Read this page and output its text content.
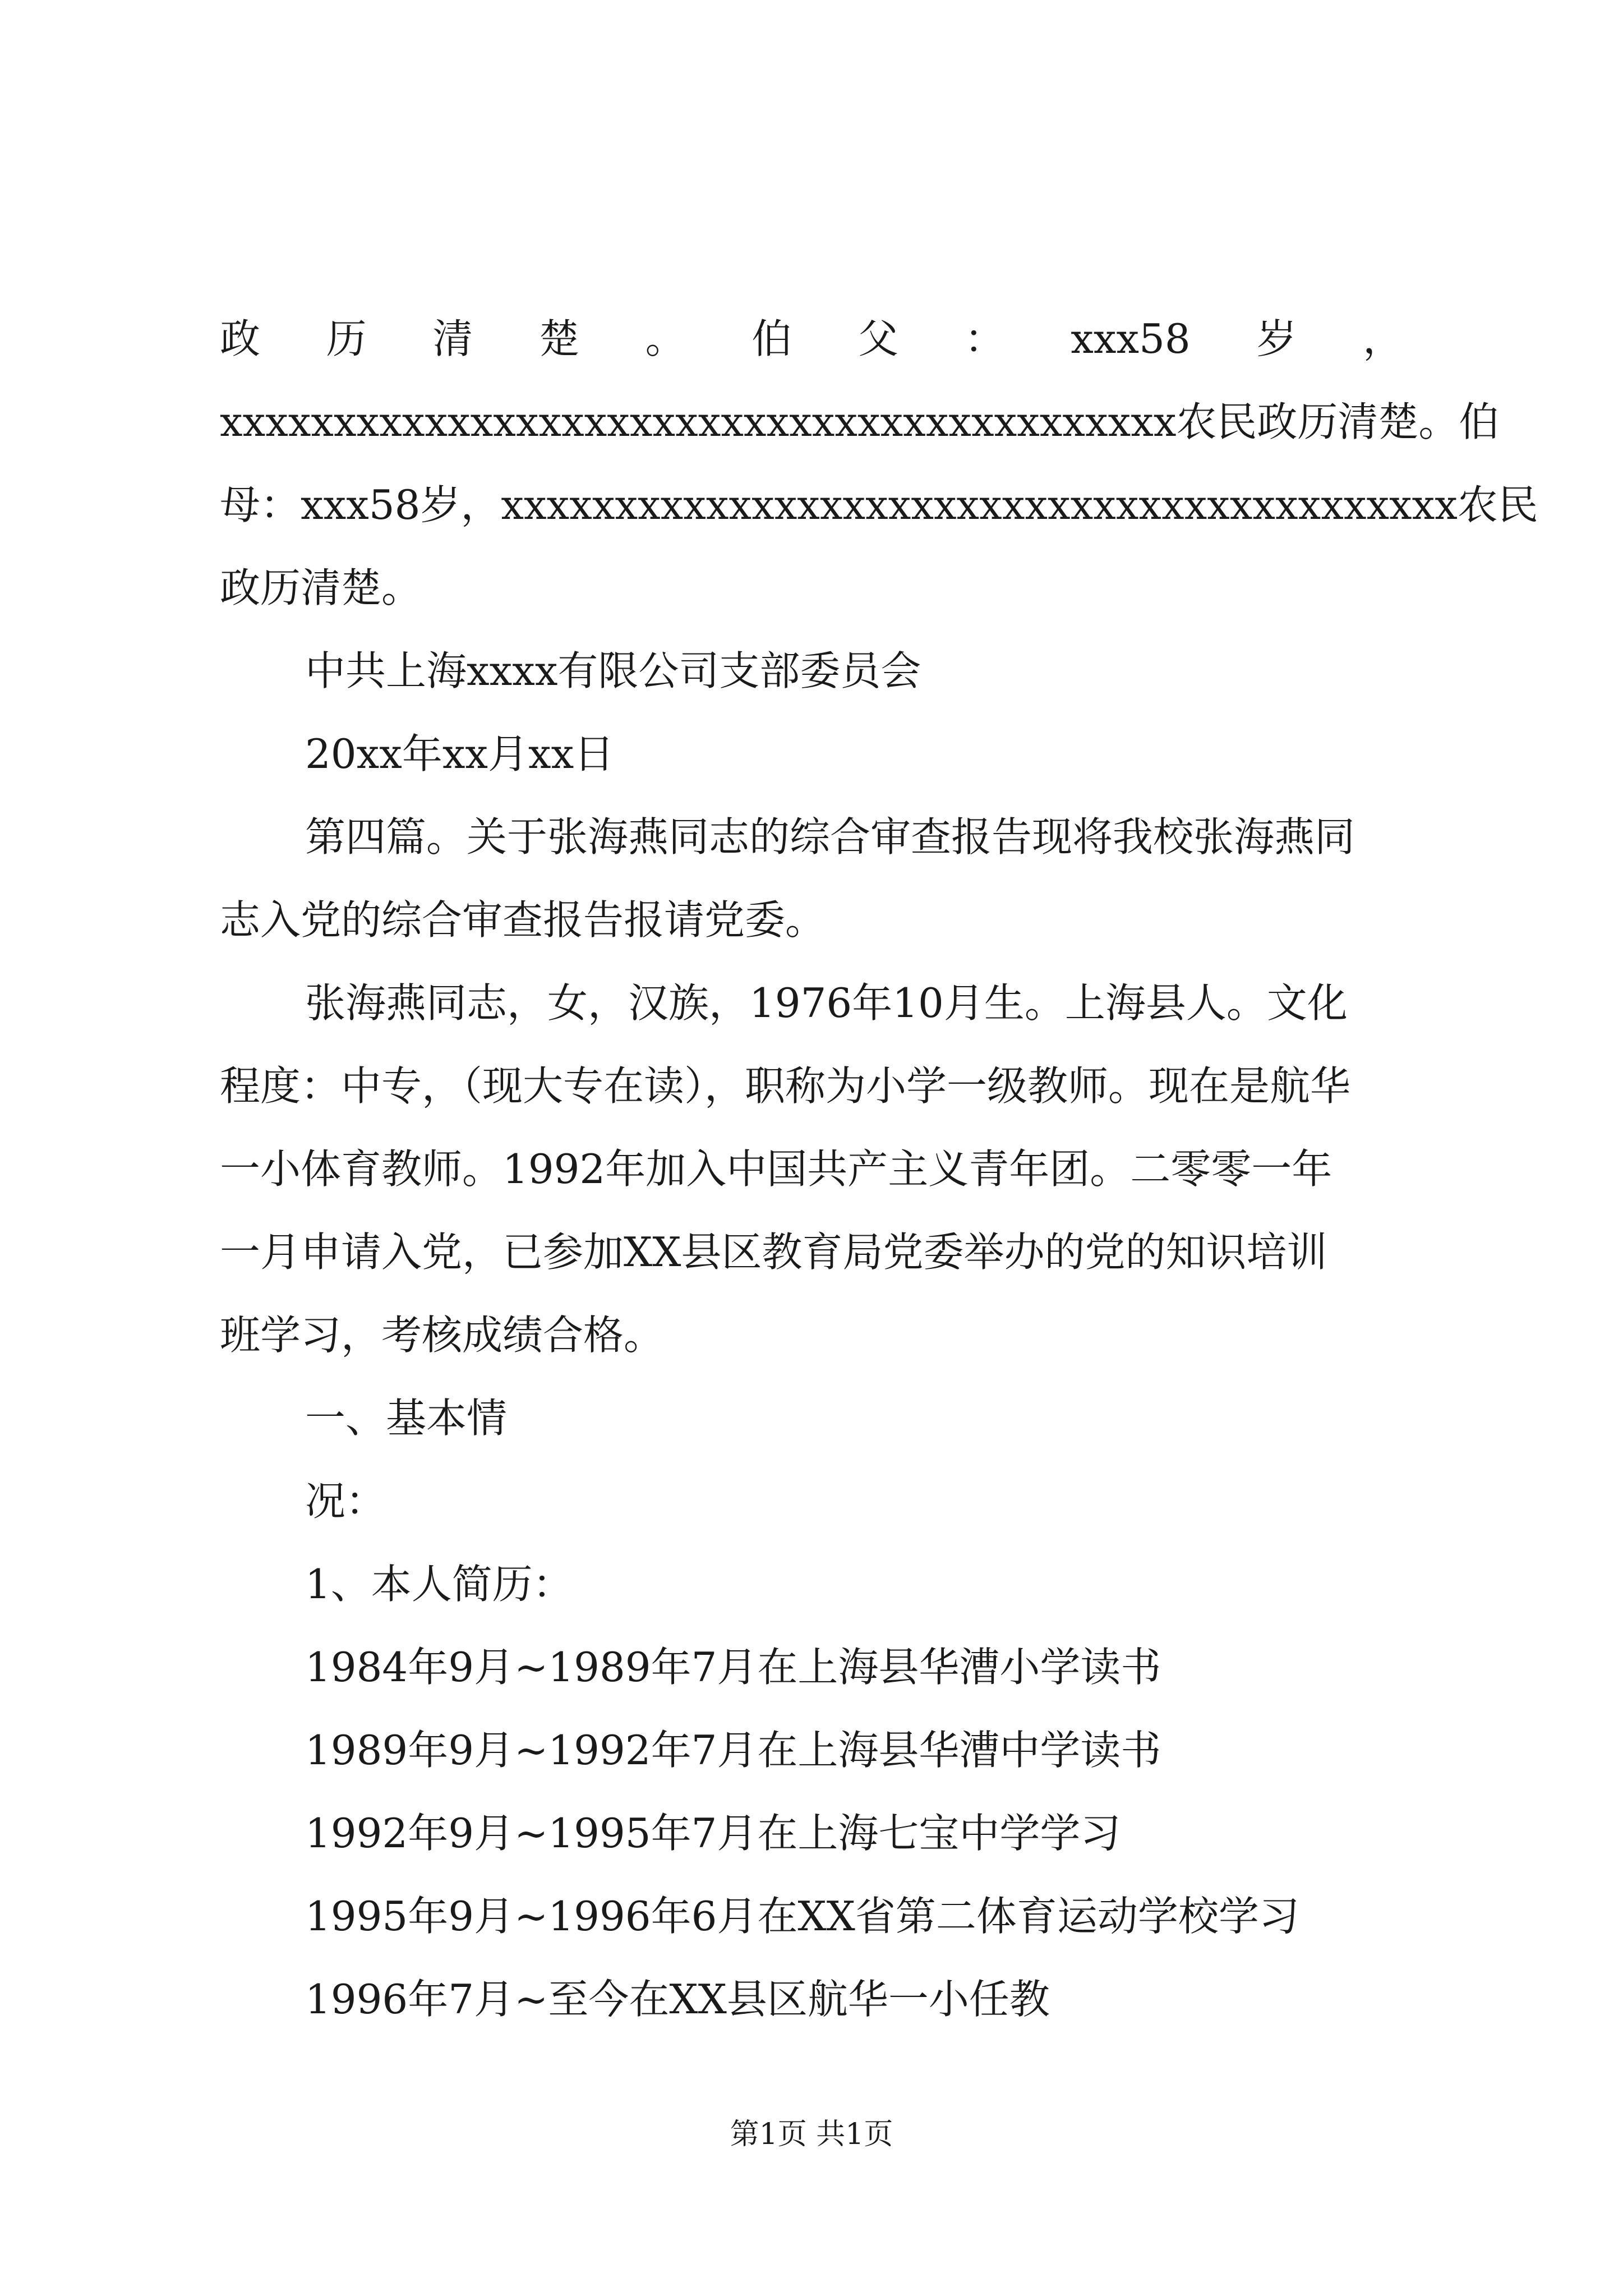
政 历 清 楚 。 伯 父 ： xxx58 岁 ，
xxxxxxxxxxxxxxxxxxxxxxxxxxxxxxxxxxxxxxxxxx农民政历清楚。伯
母：xxx58岁，xxxxxxxxxxxxxxxxxxxxxxxxxxxxxxxxxxxxxxxxxx农民
政历清楚。
中共上海xxxx有限公司支部委员会
20xx年xx月xx日
第四篇。关于张海燕同志的综合审查报告现将我校张海燕同
志入党的综合审查报告报请党委。
张海燕同志，女，汉族，1976年10月生。上海县人。文化
程度：中专，（现大专在读），职称为小学一级教师。现在是航华
一小体育教师。1992年加入中国共产主义青年团。二零零一年
一月申请入党，已参加XX县区教育局党委举办的党的知识培训
班学习，考核成绩合格。
一、基本情
况：
1、本人简历：
1984年9月~1989年7月在上海县华漕小学读书
1989年9月~1992年7月在上海县华漕中学读书
1992年9月~1995年7月在上海七宝中学学习
1995年9月~1996年6月在XX省第二体育运动学校学习
1996年7月~至今在XX县区航华一小任教
第1页 共1页
